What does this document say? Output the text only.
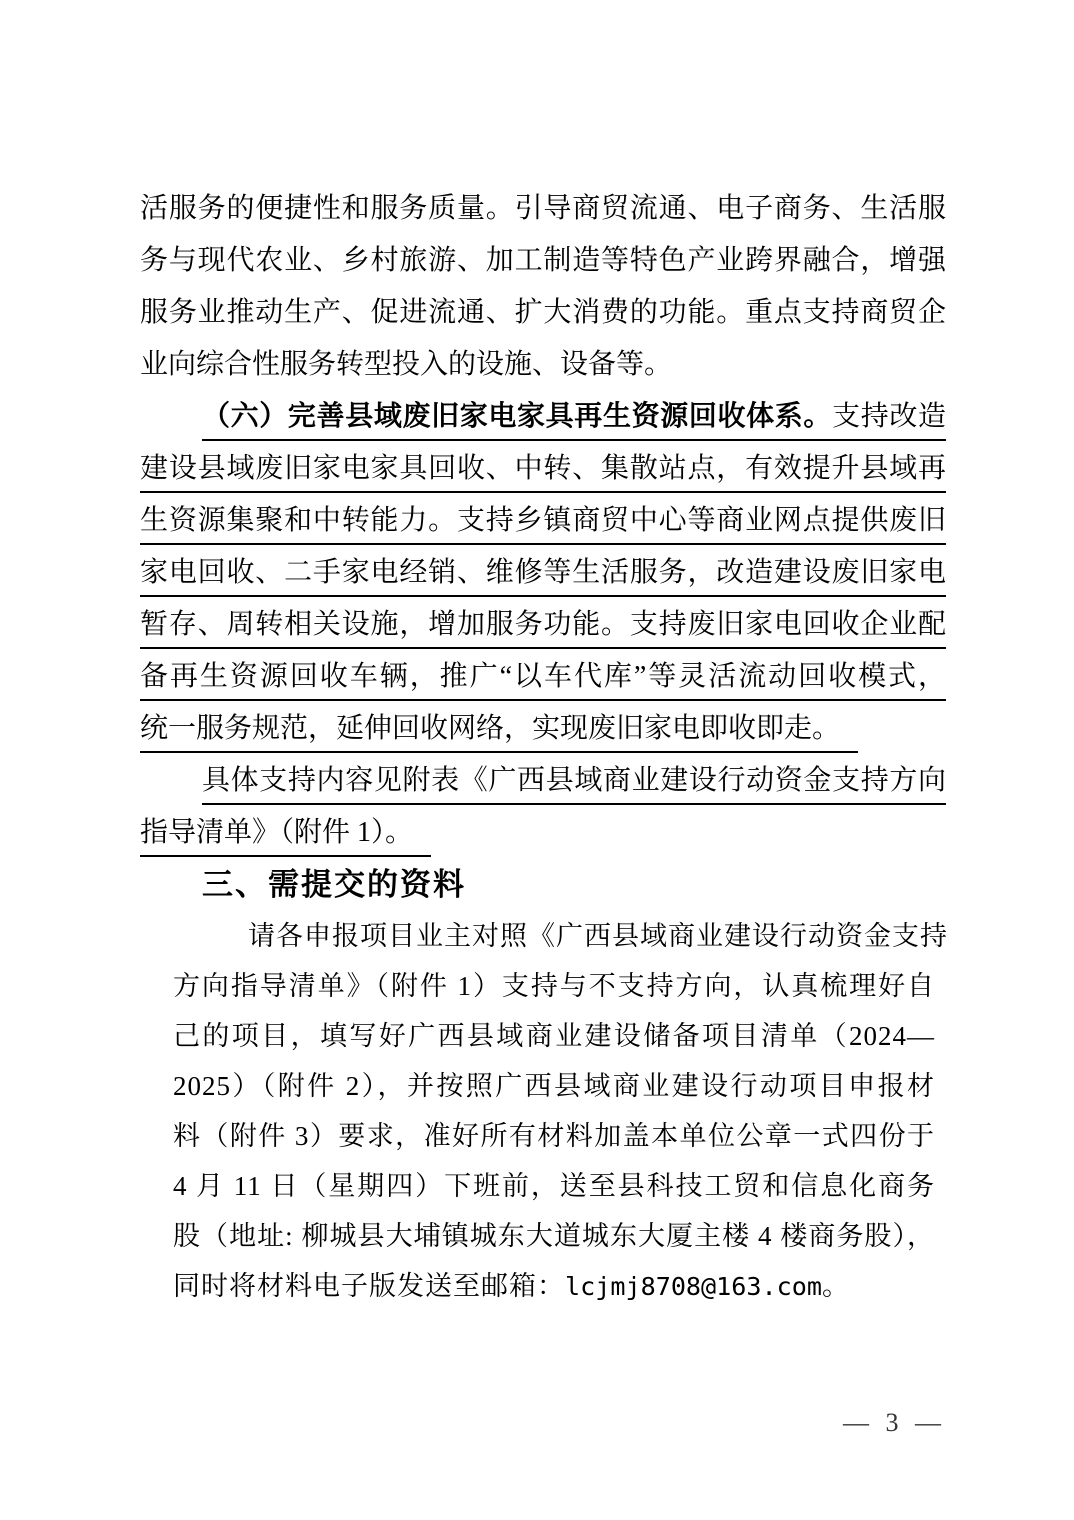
活服务的便捷性和服务质量。引导商贸流通、电子商务、生活服
务与现代农业、乡村旅游、加工制造等特色产业跨界融合，增强
服务业推动生产、促进流通、扩大消费的功能。重点支持商贸企
业向综合性服务转型投入的设施、设备等。
（六）完善县域废旧家电家具再生资源回收体系。支持改造
建设县域废旧家电家具回收、中转、集散站点，有效提升县域再
生资源集聚和中转能力。支持乡镇商贸中心等商业网点提供废旧
家电回收、二手家电经销、维修等生活服务，改造建设废旧家电
暂存、周转相关设施，增加服务功能。支持废旧家电回收企业配
备再生资源回收车辆，推广“以车代库”等灵活流动回收模式，
统一服务规范，延伸回收网络，实现废旧家电即收即走。
具体支持内容见附表《广西县域商业建设行动资金支持方向
指导清单》（附件 1）。
三、需提交的资料
请各申报项目业主对照《广西县域商业建设行动资金支持
方向指导清单》（附件 1）支持与不支持方向，认真梳理好自
己的项目，填写好广西县域商业建设储备项目清单（2024—
2025）（附件 2），并按照广西县域商业建设行动项目申报材
料（附件 3）要求，准好所有材料加盖本单位公章一式四份于
4 月 11 日（星期四）下班前，送至县科技工贸和信息化商务
股（地址: 柳城县大埔镇城东大道城东大厦主楼 4 楼商务股），
同时将材料电子版发送至邮箱：lcjmj8708@163.com。
— 3 —
